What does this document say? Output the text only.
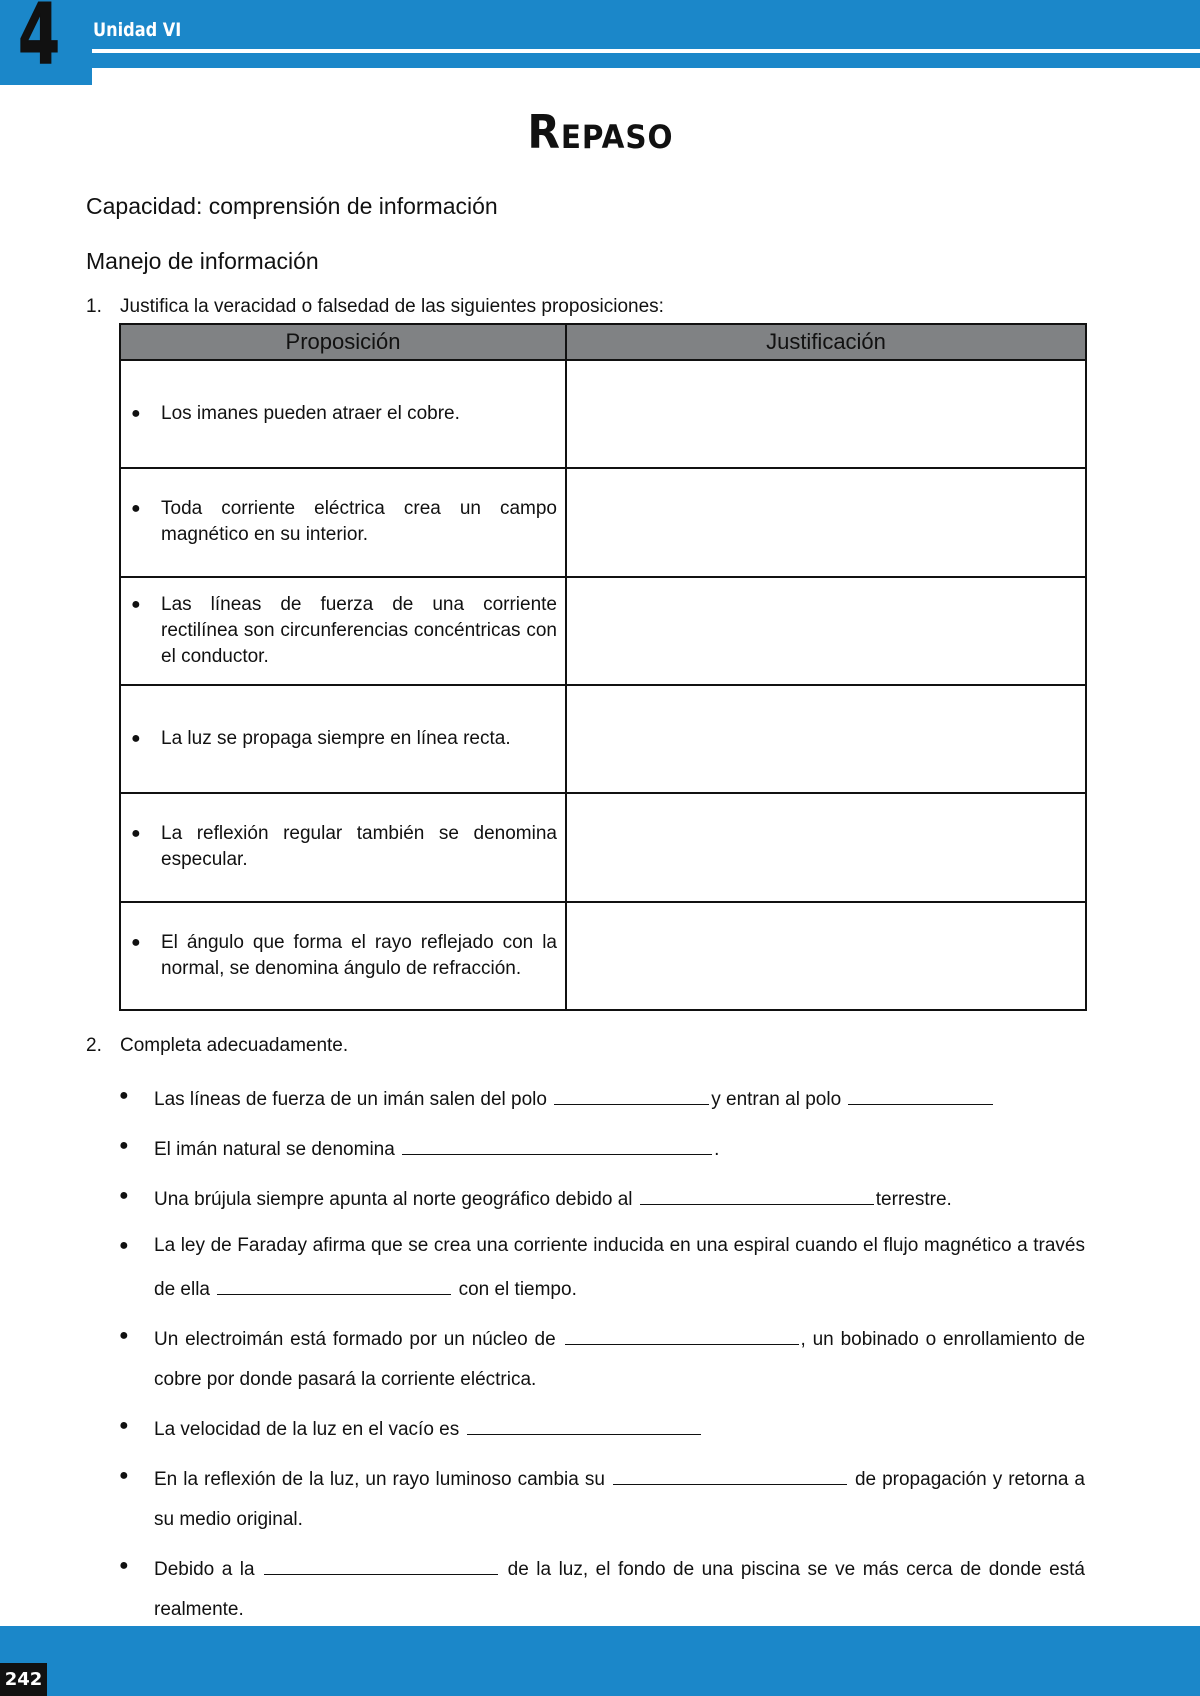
4 Unidad VI
Repaso
Capacidad: comprensión de información
Manejo de información
1. Justifica la veracidad o falsedad de las siguientes proposiciones:
Proposición	Justificación

● Los imanes pueden atraer el cobre.	

● Toda corriente eléctrica crea un campo magnético en su interior.	

● Las líneas de fuerza de una corriente rectilínea son circunferencias concéntricas con el conductor.	

● La luz se propaga siempre en línea recta.	

● La reflexión regular también se denomina especular.	

● El ángulo que forma el rayo reflejado con la normal, se denomina ángulo de refracción.	

2. Completa adecuadamente.
●	Las líneas de fuerza de un imán salen del polo	y entran al polo
●	El imán natural se denomina	.
●	Una brújula siempre apunta al norte geográfico debido al	terrestre.
●	La ley de Faraday afirma que se crea una corriente inducida en una espiral cuando el flujo magnético a través de ella	con el tiempo.
●	Un electroimán está formado por un núcleo de	, un bobinado o enrollamiento de cobre por donde pasará la corriente eléctrica.
●	La velocidad de la luz en el vacío es
●	En la reflexión de la luz, un rayo luminoso cambia su	de propagación y retorna a su medio original.
●	Debido a la	de la luz, el fondo de una piscina se ve más cerca de donde está realmente.
242
